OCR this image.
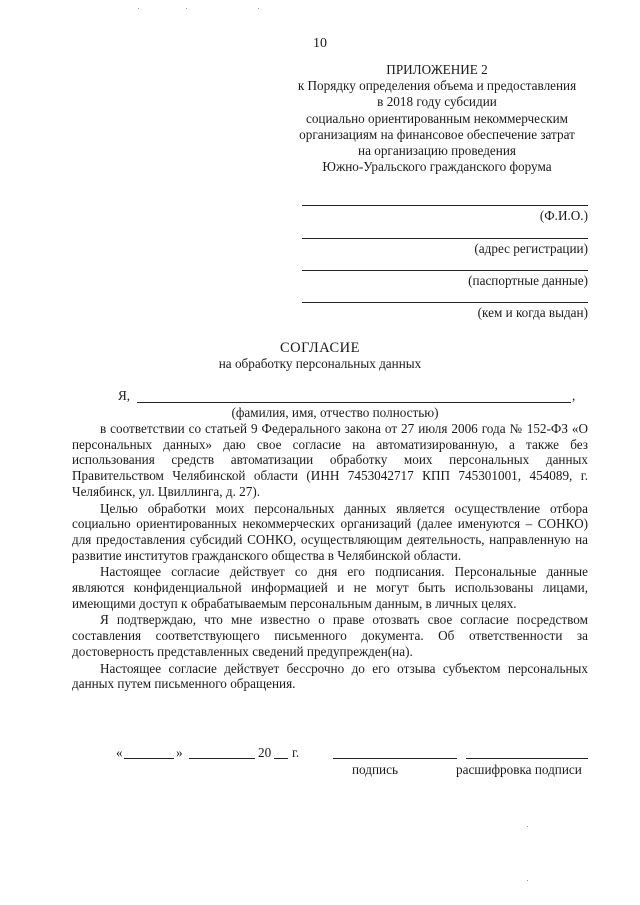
10
ПРИЛОЖЕНИЕ 2
к Порядку определения объема и предоставления
в 2018 году субсидии
социально ориентированным некоммерческим
организациям на финансовое обеспечение затрат
на организацию проведения
Южно-Уральского гражданского форума
(Ф.И.О.)
(адрес регистрации)
(паспортные данные)
(кем и когда выдан)
СОГЛАСИЕ
на обработку персональных данных
Я,	,
(фамилия, имя, отчество полностью)

в соответствии со статьей 9 Федерального закона от 27 июля 2006 года № 152-ФЗ «О персональных данных» даю свое согласие на автоматизированную, а также без использования средств автоматизации обработку моих персональных данных Правительством Челябинской области (ИНН 7453042717 КПП 745301001, 454089, г. Челябинск, ул. Цвиллинга, д. 27).

Целью обработки моих персональных данных является осуществление отбора социально ориентированных некоммерческих организаций (далее именуются – СОНКО) для предоставления субсидий СОНКО, осуществляющим деятельность, направленную на развитие институтов гражданского общества в Челябинской области.

Настоящее согласие действует со дня его подписания. Персональные данные являются конфиденциальной информацией и не могут быть использованы лицами, имеющими доступ к обрабатываемым персональным данным, в личных целях.

Я подтверждаю, что мне известно о праве отозвать свое согласие посредством составления соответствующего письменного документа. Об ответственности за достоверность представленных сведений предупрежден(на).

Настоящее согласие действует бессрочно до его отзыва субъектом персональных данных путем письменного обращения.

«	»	20 г.
подпись	расшифровка подписи
